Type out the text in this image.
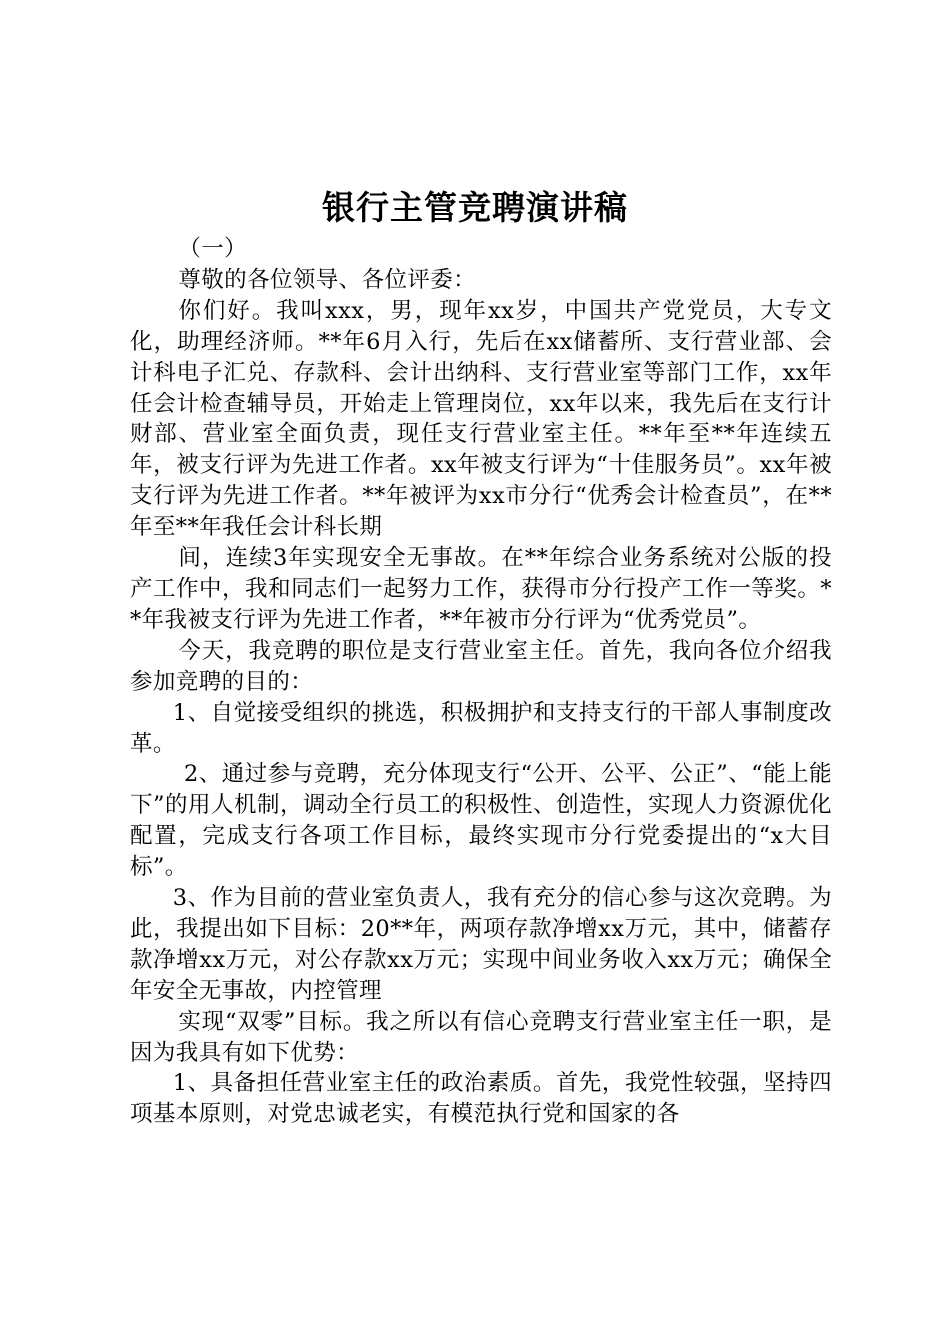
银行主管竞聘演讲稿

（一）

尊敬的各位领导、各位评委：

你们好。我叫xxx，男，现年xx岁，中国共产党党员，大专文化，助理经济师。**年6月入行，先后在xx储蓄所、支行营业部、会计科电子汇兑、存款科、会计出纳科、支行营业室等部门工作，xx年任会计检查辅导员，开始走上管理岗位，xx年以来，我先后在支行计财部、营业室全面负责，现任支行营业室主任。**年至**年连续五年，被支行评为先进工作者。xx年被支行评为“十佳服务员”。xx年被支行评为先进工作者。**年被评为xx市分行“优秀会计检查员”，在**年至**年我任会计科长期

间，连续3年实现安全无事故。在**年综合业务系统对公版的投产工作中，我和同志们一起努力工作，获得市分行投产工作一等奖。**年我被支行评为先进工作者，**年被市分行评为“优秀党员”。

今天，我竞聘的职位是支行营业室主任。首先，我向各位介绍我参加竞聘的目的：

1、自觉接受组织的挑选，积极拥护和支持支行的干部人事制度改革。

2、通过参与竞聘，充分体现支行“公开、公平、公正”、“能上能下”的用人机制，调动全行员工的积极性、创造性，实现人力资源优化配置，完成支行各项工作目标，最终实现市分行党委提出的“x大目标”。

3、作为目前的营业室负责人，我有充分的信心参与这次竞聘。为此，我提出如下目标：20**年，两项存款净增xx万元，其中，储蓄存款净增xx万元，对公存款xx万元；实现中间业务收入xx万元；确保全年安全无事故，内控管理

实现“双零”目标。我之所以有信心竞聘支行营业室主任一职，是因为我具有如下优势：

1、具备担任营业室主任的政治素质。首先，我党性较强，坚持四项基本原则，对党忠诚老实，有模范执行党和国家的各
